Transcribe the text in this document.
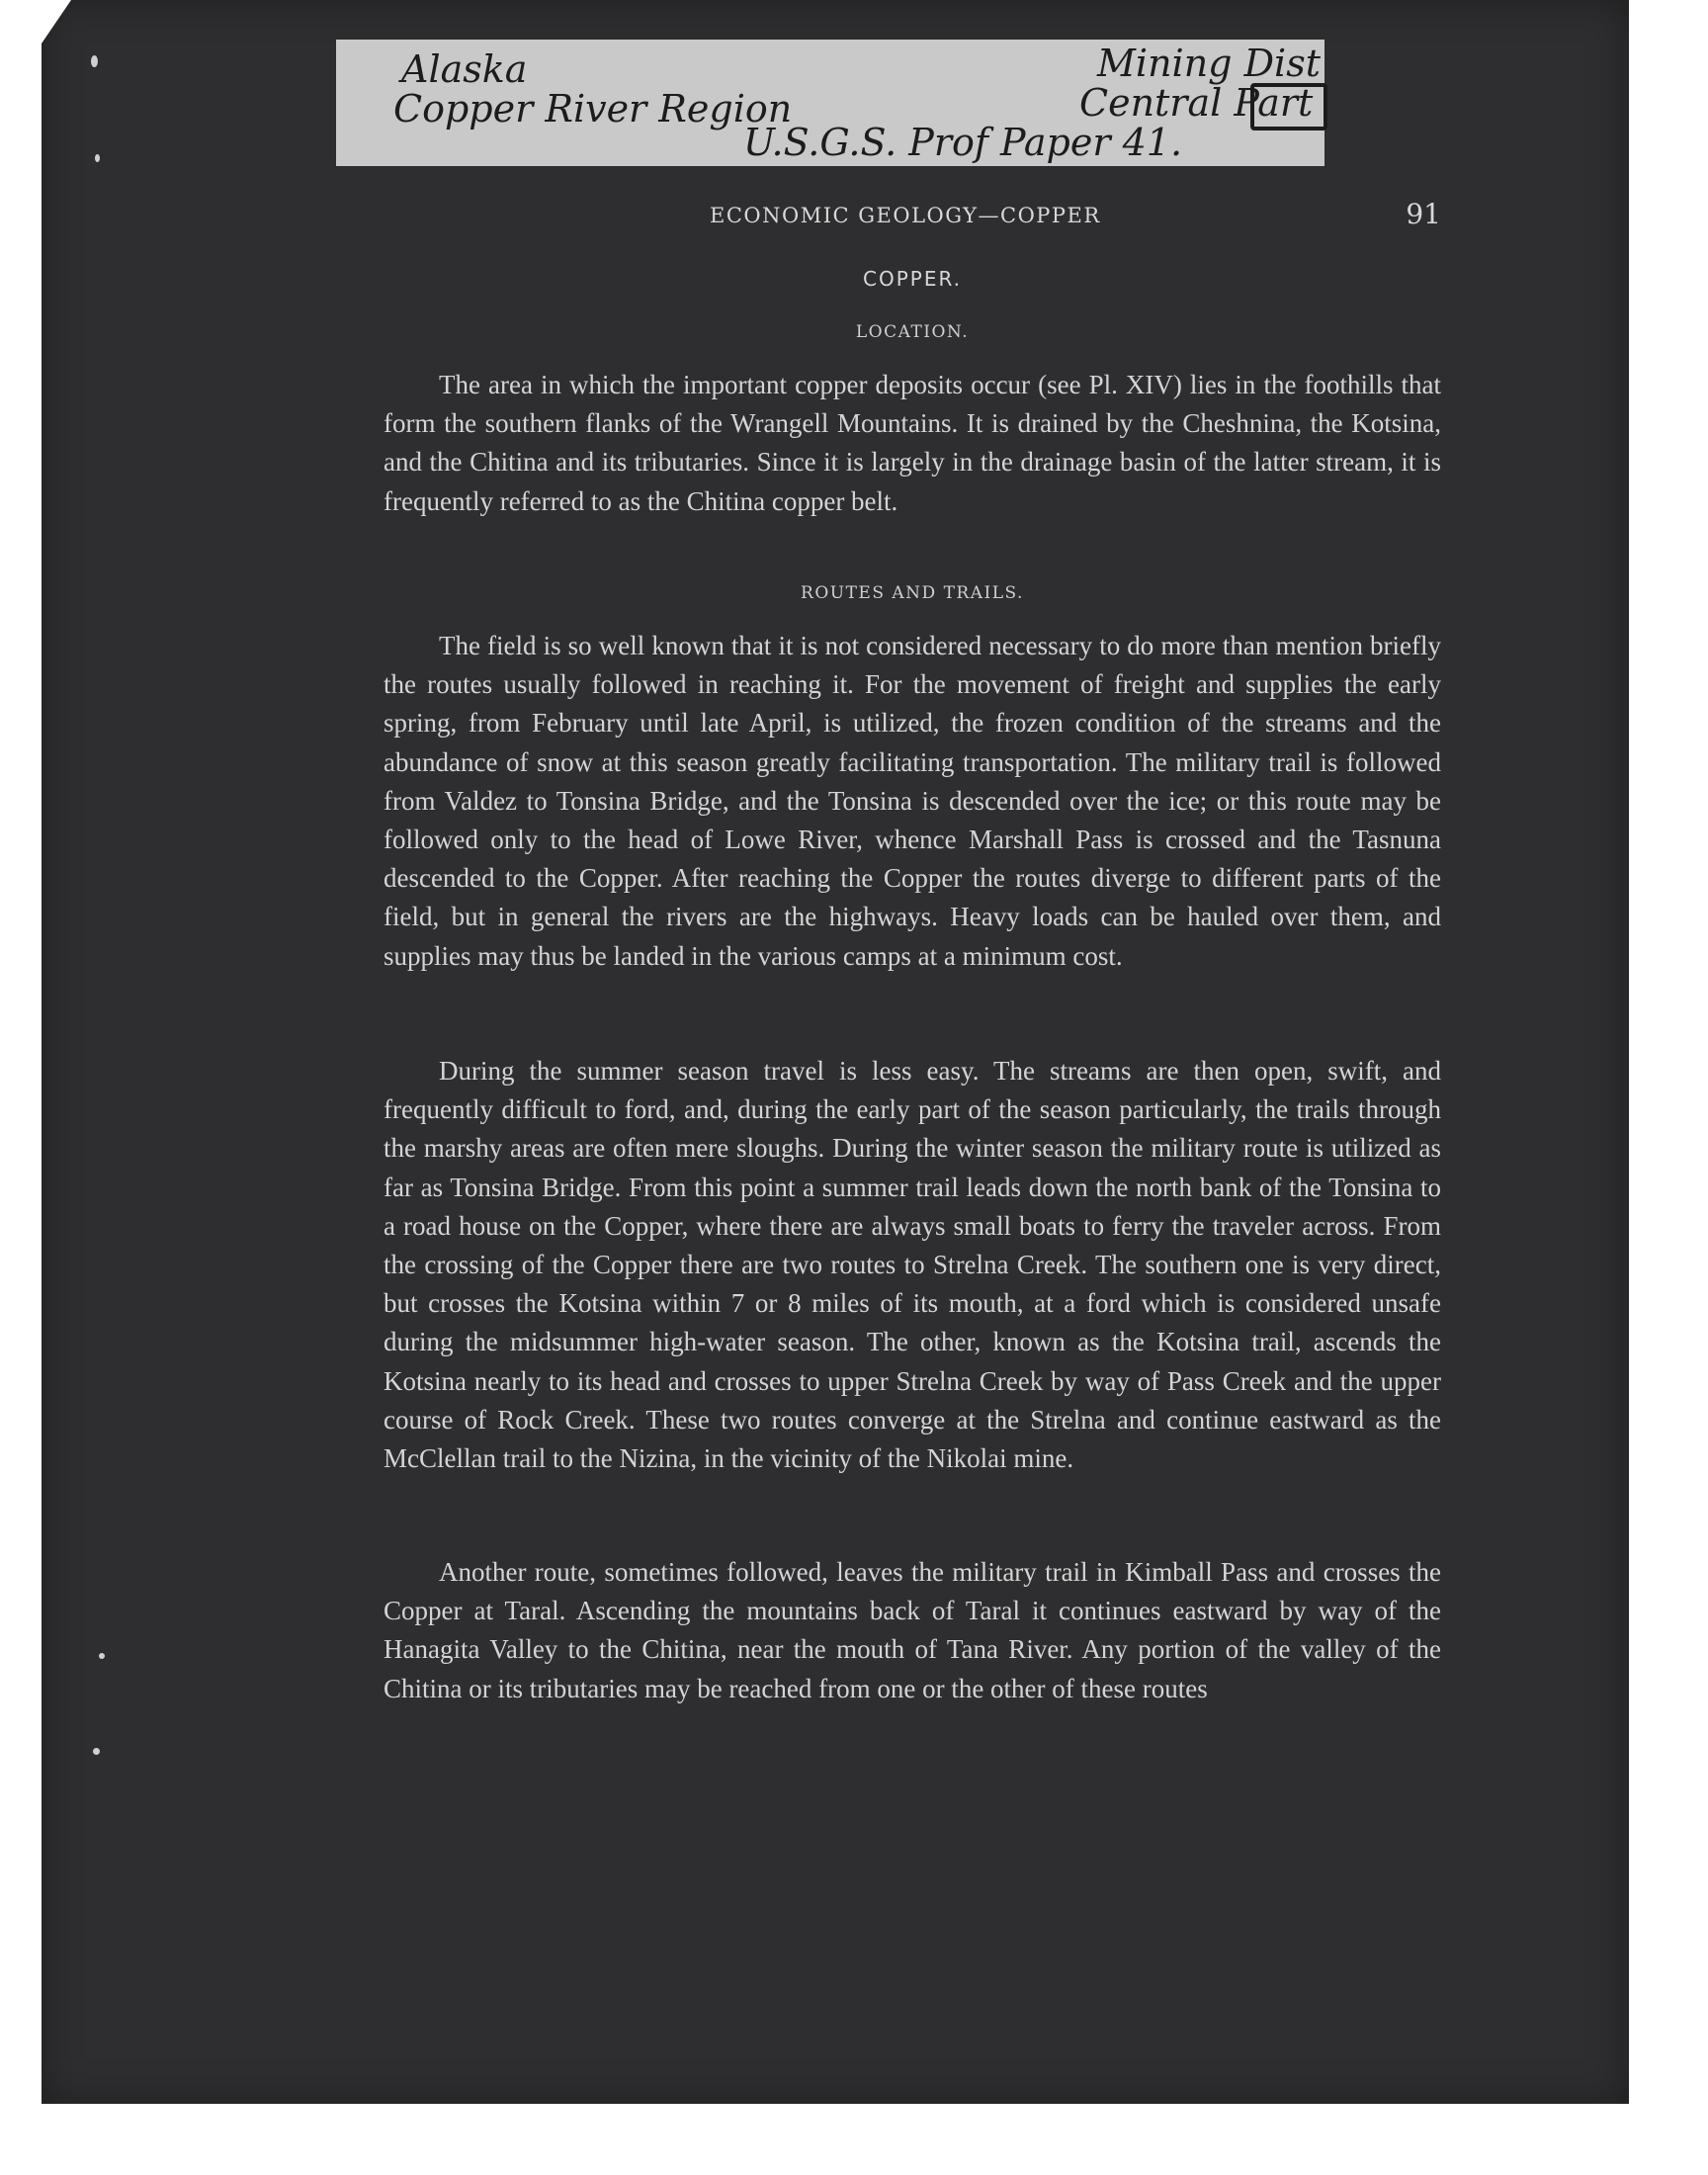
Alaska
Copper River Region
U.S.G.S. Prof Paper 41.
Mining Dist
Central Part
ECONOMIC GEOLOGY—COPPER	91
COPPER.
LOCATION.

The area in which the important copper deposits occur (see Pl. XIV) lies in the foothills that form the southern flanks of the Wrangell Mountains. It is drained by the Cheshnina, the Kotsina, and the Chitina and its tributaries. Since it is largely in the drainage basin of the latter stream, it is frequently referred to as the Chitina copper belt.

ROUTES AND TRAILS.

The field is so well known that it is not considered necessary to do more than mention briefly the routes usually followed in reaching it. For the movement of freight and supplies the early spring, from February until late April, is utilized, the frozen condition of the streams and the abundance of snow at this season greatly facilitating transportation. The military trail is followed from Valdez to Tonsina Bridge, and the Tonsina is descended over the ice; or this route may be followed only to the head of Lowe River, whence Marshall Pass is crossed and the Tasnuna descended to the Copper. After reaching the Copper the routes diverge to different parts of the field, but in general the rivers are the highways. Heavy loads can be hauled over them, and supplies may thus be landed in the various camps at a minimum cost.

During the summer season travel is less easy. The streams are then open, swift, and frequently difficult to ford, and, during the early part of the season particularly, the trails through the marshy areas are often mere sloughs. During the winter season the military route is utilized as far as Tonsina Bridge. From this point a summer trail leads down the north bank of the Tonsina to a road house on the Copper, where there are always small boats to ferry the traveler across. From the crossing of the Copper there are two routes to Strelna Creek. The southern one is very direct, but crosses the Kotsina within 7 or 8 miles of its mouth, at a ford which is considered unsafe during the midsummer high-water season. The other, known as the Kotsina trail, ascends the Kotsina nearly to its head and crosses to upper Strelna Creek by way of Pass Creek and the upper course of Rock Creek. These two routes converge at the Strelna and continue eastward as the McClellan trail to the Nizina, in the vicinity of the Nikolai mine.

Another route, sometimes followed, leaves the military trail in Kimball Pass and crosses the Copper at Taral. Ascending the mountains back of Taral it continues eastward by way of the Hanagita Valley to the Chitina, near the mouth of Tana River. Any portion of the valley of the Chitina or its tributaries may be reached from one or the other of these routes
